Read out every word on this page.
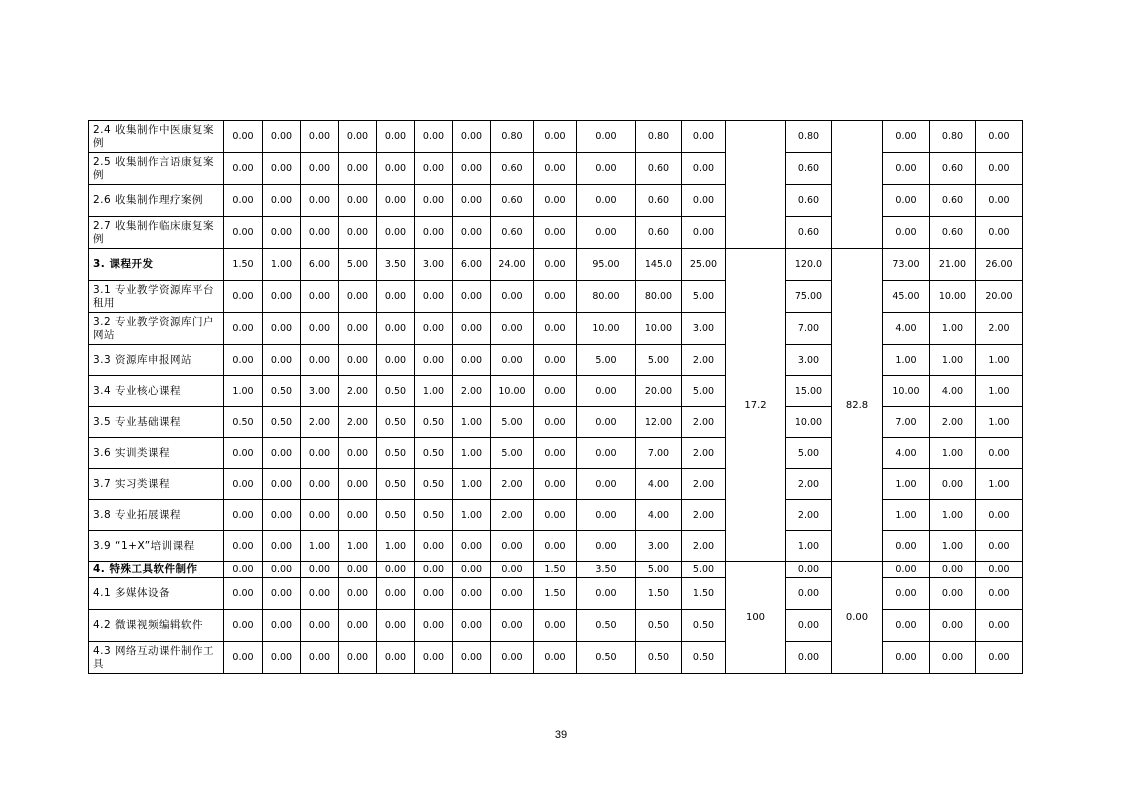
2.4 收集制作中医康复案例	0.00	0.00	0.00	0.00	0.00	0.00	0.00	0.80	0.00	0.00	0.80	0.00		0.80		0.00	0.80	0.00
2.5 收集制作言语康复案例	0.00	0.00	0.00	0.00	0.00	0.00	0.00	0.60	0.00	0.00	0.60	0.00		0.60		0.00	0.60	0.00
2.6 收集制作理疗案例	0.00	0.00	0.00	0.00	0.00	0.00	0.00	0.60	0.00	0.00	0.60	0.00		0.60		0.00	0.60	0.00
2.7 收集制作临床康复案例	0.00	0.00	0.00	0.00	0.00	0.00	0.00	0.60	0.00	0.00	0.60	0.00		0.60		0.00	0.60	0.00
3. 课程开发	1.50	1.00	6.00	5.00	3.50	3.00	6.00	24.00	0.00	95.00	145.0	25.00	17.2	120.0	82.8	73.00	21.00	26.00
3.1 专业教学资源库平台租用	0.00	0.00	0.00	0.00	0.00	0.00	0.00	0.00	0.00	80.00	80.00	5.00		75.00		45.00	10.00	20.00
3.2 专业教学资源库门户网站	0.00	0.00	0.00	0.00	0.00	0.00	0.00	0.00	0.00	10.00	10.00	3.00		7.00		4.00	1.00	2.00
3.3 资源库申报网站	0.00	0.00	0.00	0.00	0.00	0.00	0.00	0.00	0.00	5.00	5.00	2.00		3.00		1.00	1.00	1.00
3.4 专业核心课程	1.00	0.50	3.00	2.00	0.50	1.00	2.00	10.00	0.00	0.00	20.00	5.00		15.00		10.00	4.00	1.00
3.5 专业基础课程	0.50	0.50	2.00	2.00	0.50	0.50	1.00	5.00	0.00	0.00	12.00	2.00		10.00		7.00	2.00	1.00
3.6 实训类课程	0.00	0.00	0.00	0.00	0.50	0.50	1.00	5.00	0.00	0.00	7.00	2.00		5.00		4.00	1.00	0.00
3.7 实习类课程	0.00	0.00	0.00	0.00	0.50	0.50	1.00	2.00	0.00	0.00	4.00	2.00		2.00		1.00	0.00	1.00
3.8 专业拓展课程	0.00	0.00	0.00	0.00	0.50	0.50	1.00	2.00	0.00	0.00	4.00	2.00		2.00		1.00	1.00	0.00
3.9 “1+X”培训课程	0.00	0.00	1.00	1.00	1.00	0.00	0.00	0.00	0.00	0.00	3.00	2.00		1.00		0.00	1.00	0.00
4. 特殊工具软件制作	0.00	0.00	0.00	0.00	0.00	0.00	0.00	0.00	1.50	3.50	5.00	5.00	100	0.00	0.00	0.00	0.00	0.00
4.1 多媒体设备	0.00	0.00	0.00	0.00	0.00	0.00	0.00	0.00	1.50	0.00	1.50	1.50		0.00		0.00	0.00	0.00
4.2 微课视频编辑软件	0.00	0.00	0.00	0.00	0.00	0.00	0.00	0.00	0.00	0.50	0.50	0.50		0.00		0.00	0.00	0.00
4.3 网络互动课件制作工具	0.00	0.00	0.00	0.00	0.00	0.00	0.00	0.00	0.00	0.50	0.50	0.50		0.00		0.00	0.00	0.00
39
